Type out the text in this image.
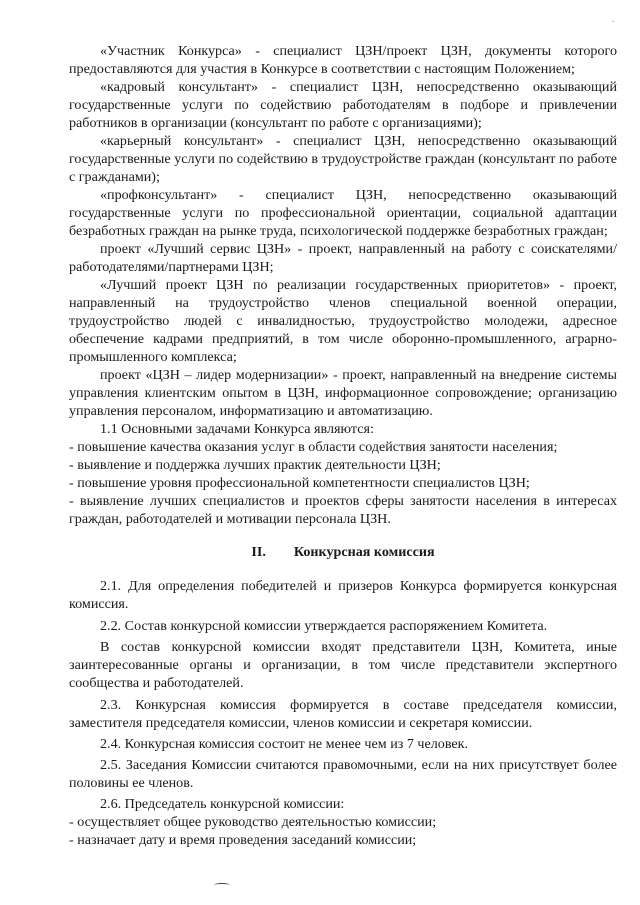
.

«Участник Конкурса» - специалист ЦЗН/проект ЦЗН, документы которого предоставляются для участия в Конкурсе в соответствии с настоящим Положением;

«кадровый консультант» - специалист ЦЗН, непосредственно оказывающий государственные услуги по содействию работодателям в подборе и привлечении работников в организации (консультант по работе с организациями);

«карьерный консультант» - специалист ЦЗН, непосредственно оказывающий государственные услуги по содействию в трудоустройстве граждан (консультант по работе с гражданами);

«профконсультант» - специалист ЦЗН, непосредственно оказывающий государственные услуги по профессиональной ориентации, социальной адаптации безработных граждан на рынке труда, психологической поддержке безработных граждан;

проект «Лучший сервис ЦЗН» - проект, направленный на работу с соискателями/работодателями/партнерами ЦЗН;

«Лучший проект ЦЗН по реализации государственных приоритетов» - проект, направленный на трудоустройство членов специальной военной операции, трудоустройство людей с инвалидностью, трудоустройство молодежи, адресное обеспечение кадрами предприятий, в том числе оборонно-промышленного, аграрно-промышленного комплекса;

проект «ЦЗН – лидер модернизации» - проект, направленный на внедрение системы управления клиентским опытом в ЦЗН, информационное сопровождение; организацию управления персоналом, информатизацию и автоматизацию.

1.1 Основными задачами Конкурса являются:

- повышение качества оказания услуг в области содействия занятости населения;

- выявление и поддержка лучших практик деятельности ЦЗН;

- повышение уровня профессиональной компетентности специалистов ЦЗН;

- выявление лучших специалистов и проектов сферы занятости населения в интересах граждан, работодателей и мотивации персонала ЦЗН.

II. Конкурсная комиссия

2.1. Для определения победителей и призеров Конкурса формируется конкурсная комиссия.

2.2. Состав конкурсной комиссии утверждается распоряжением Комитета.

В состав конкурсной комиссии входят представители ЦЗН, Комитета, иные заинтересованные органы и организации, в том числе представители экспертного сообщества и работодателей.

2.3. Конкурсная комиссия формируется в составе председателя комиссии, заместителя председателя комиссии, членов комиссии и секретаря комиссии.

2.4. Конкурсная комиссия состоит не менее чем из 7 человек.

2.5. Заседания Комиссии считаются правомочными, если на них присутствует более половины ее членов.

2.6. Председатель конкурсной комиссии:

- осуществляет общее руководство деятельностью комиссии;

- назначает дату и время проведения заседаний комиссии;
